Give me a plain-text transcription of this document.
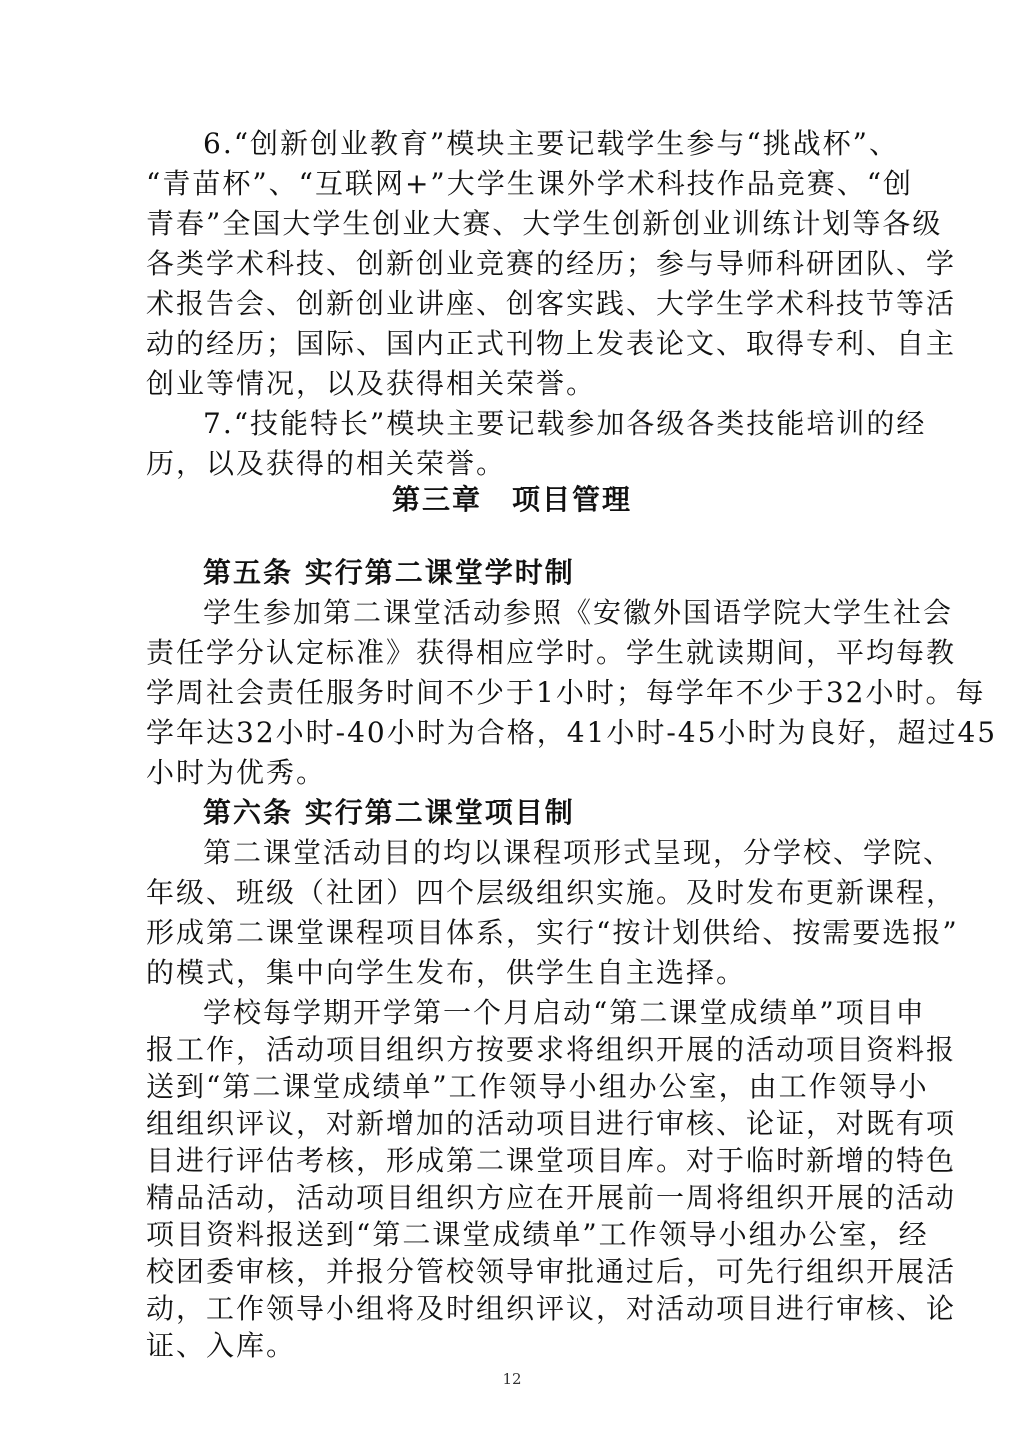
6.“创新创业教育”模块主要记载学生参与“挑战杯”、
“青苗杯”、“互联网+”大学生课外学术科技作品竞赛、“创
青春”全国大学生创业大赛、大学生创新创业训练计划等各级
各类学术科技、创新创业竞赛的经历；参与导师科研团队、学
术报告会、创新创业讲座、创客实践、大学生学术科技节等活
动的经历；国际、国内正式刊物上发表论文、取得专利、自主
创业等情况，以及获得相关荣誉。
7.“技能特长”模块主要记载参加各级各类技能培训的经
历，以及获得的相关荣誉。
第三章　项目管理
第五条 实行第二课堂学时制
学生参加第二课堂活动参照《安徽外国语学院大学生社会
责任学分认定标准》获得相应学时。学生就读期间，平均每教
学周社会责任服务时间不少于1小时；每学年不少于32小时。每
学年达32小时-40小时为合格，41小时-45小时为良好，超过45
小时为优秀。
第六条 实行第二课堂项目制
第二课堂活动目的均以课程项形式呈现，分学校、学院、
年级、班级（社团）四个层级组织实施。及时发布更新课程，
形成第二课堂课程项目体系，实行“按计划供给、按需要选报”
的模式，集中向学生发布，供学生自主选择。
学校每学期开学第一个月启动“第二课堂成绩单”项目申
报工作，活动项目组织方按要求将组织开展的活动项目资料报
送到“第二课堂成绩单”工作领导小组办公室，由工作领导小
组组织评议，对新增加的活动项目进行审核、论证，对既有项
目进行评估考核，形成第二课堂项目库。对于临时新增的特色
精品活动，活动项目组织方应在开展前一周将组织开展的活动
项目资料报送到“第二课堂成绩单”工作领导小组办公室，经
校团委审核，并报分管校领导审批通过后，可先行组织开展活
动，工作领导小组将及时组织评议，对活动项目进行审核、论
12
证、入库。
